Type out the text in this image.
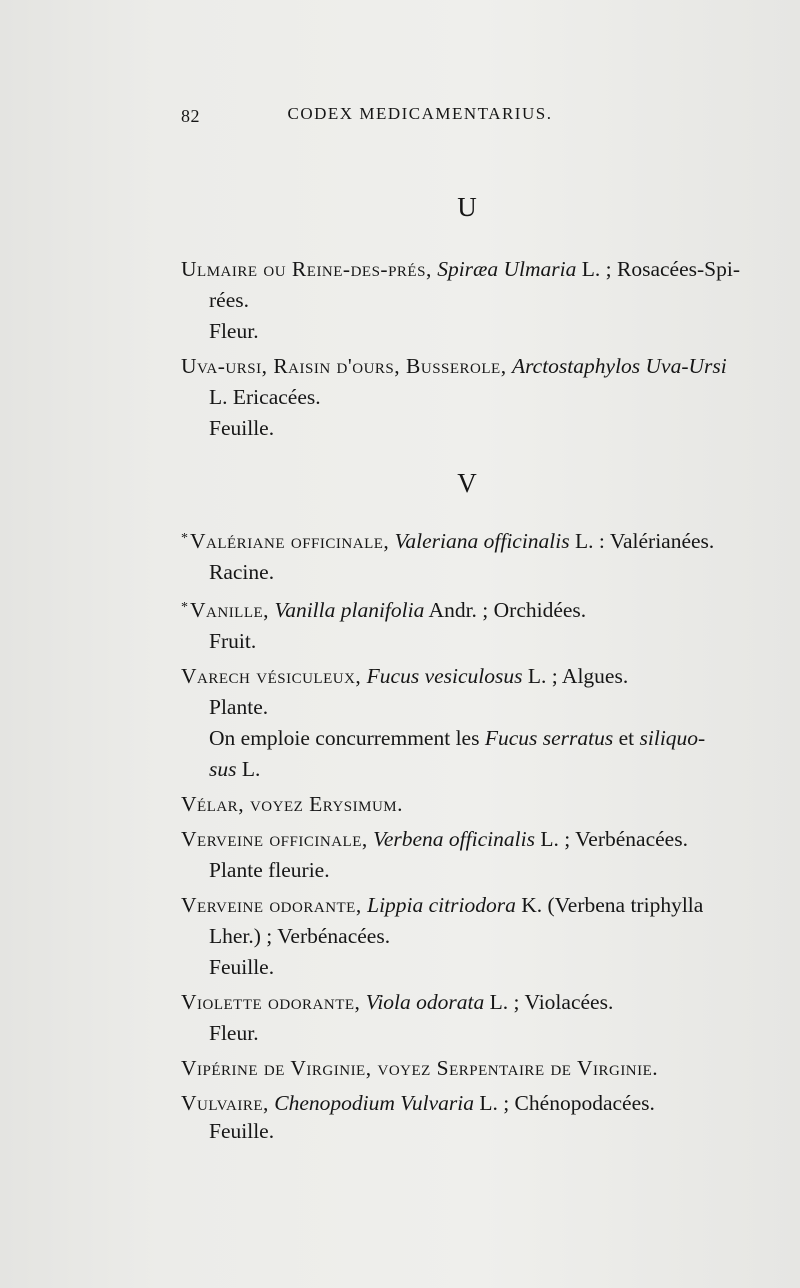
82	CODEX MEDICAMENTARIUS.
U

Ulmaire ou Reine-des-prés, Spiræa Ulmaria L. ; Rosacées-Spi-

rées.

Fleur.

Uva-ursi, Raisin d'ours, Busserole, Arctostaphylos Uva-Ursi

L. Ericacées.

Feuille.

V

*Valériane officinale, Valeriana officinalis L. : Valérianées.

Racine.

*Vanille, Vanilla planifolia Andr. ; Orchidées.

Fruit.

Varech vésiculeux, Fucus vesiculosus L. ; Algues.

Plante.

On emploie concurremment les Fucus serratus et siliquo-

sus L.

Vélar, voyez Erysimum.

Verveine officinale, Verbena officinalis L. ; Verbénacées.

Plante fleurie.

Verveine odorante, Lippia citriodora K. (Verbena triphylla

Lher.) ; Verbénacées.

Feuille.

Violette odorante, Viola odorata L. ; Violacées.

Fleur.

Vipérine de Virginie, voyez Serpentaire de Virginie.

Vulvaire, Chenopodium Vulvaria L. ; Chénopodacées.

Feuille.
